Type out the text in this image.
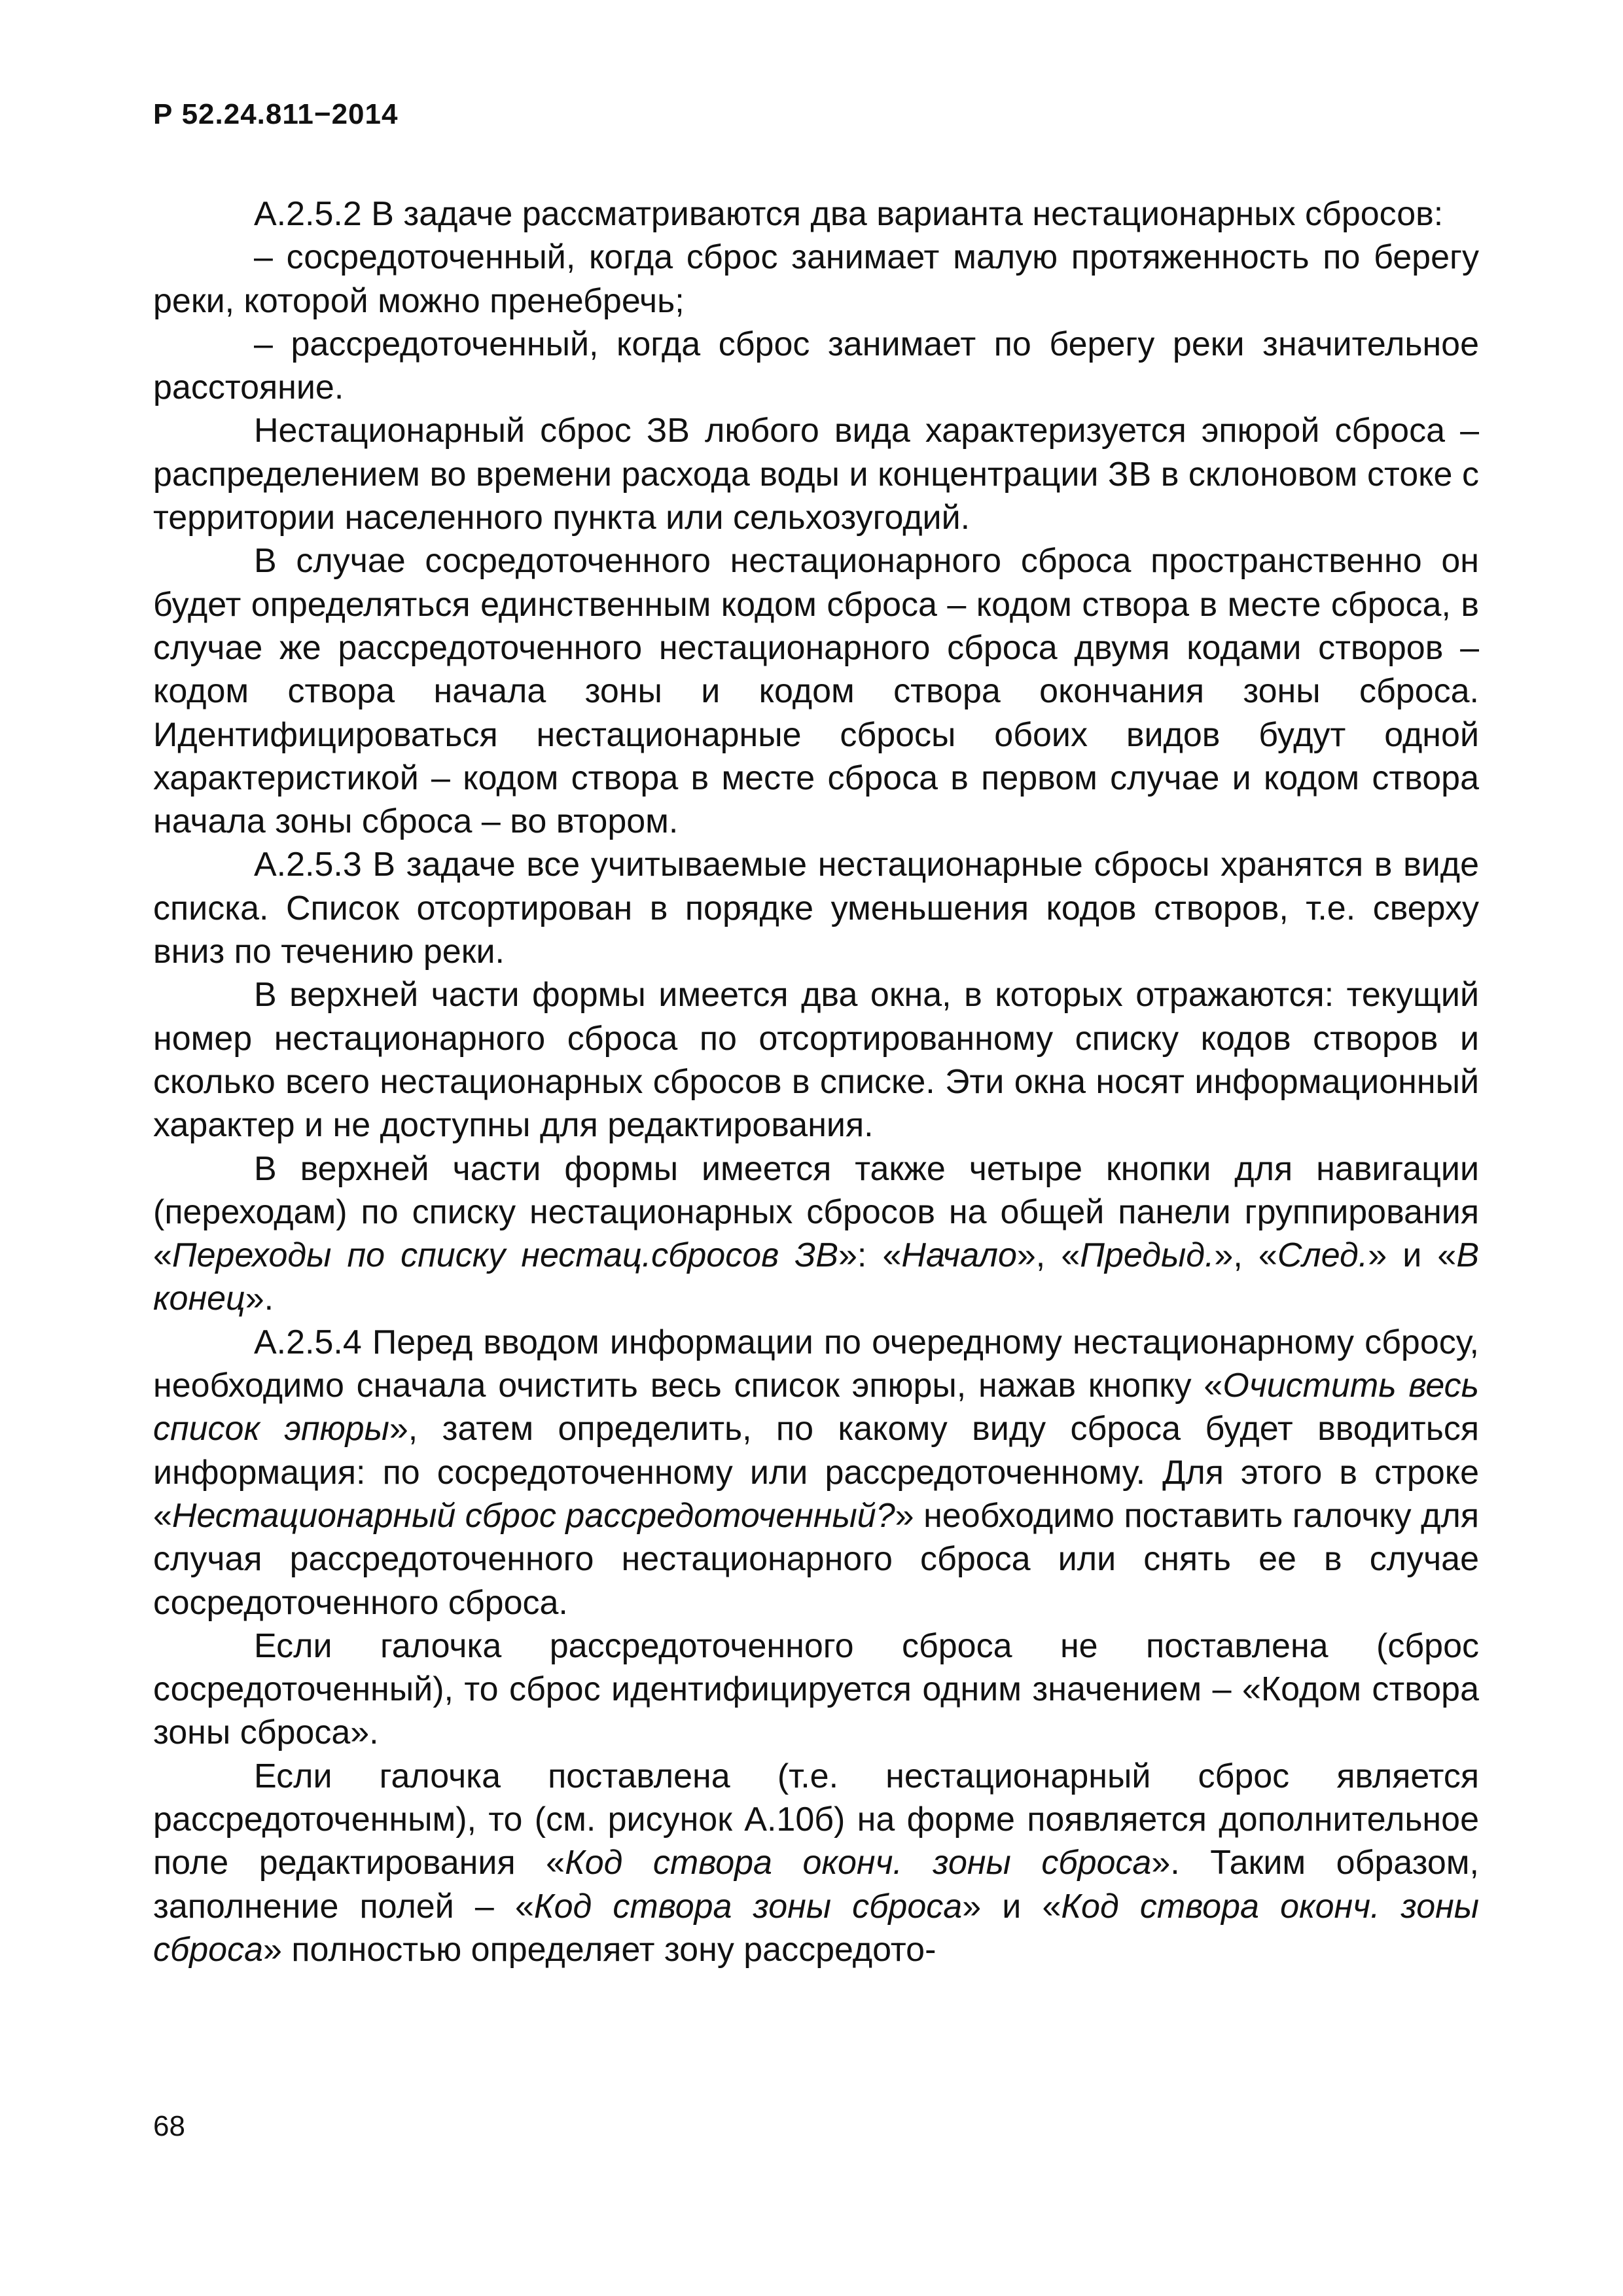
Р 52.24.811−2014

А.2.5.2 В задаче рассматриваются два варианта нестационарных сбросов:

– сосредоточенный, когда сброс занимает малую протяженность по берегу реки, которой можно пренебречь;

– рассредоточенный, когда сброс занимает по берегу реки значительное расстояние.

Нестационарный сброс ЗВ любого вида характеризуется эпюрой сброса – распределением во времени расхода воды и концентрации ЗВ в склоновом стоке с территории населенного пункта или сельхозугодий.

В случае сосредоточенного нестационарного сброса пространственно он будет определяться единственным кодом сброса – кодом створа в месте сброса, в случае же рассредоточенного нестационарного сброса двумя кодами створов – кодом створа начала зоны и кодом створа окончания зоны сброса. Идентифицироваться нестационарные сбросы обоих видов будут одной характеристикой – кодом створа в месте сброса в первом случае и кодом створа начала зоны сброса – во втором.

А.2.5.3 В задаче все учитываемые нестационарные сбросы хранятся в виде списка. Список отсортирован в порядке уменьшения кодов створов, т.е. сверху вниз по течению реки.

В верхней части формы имеется два окна, в которых отражаются: текущий номер нестационарного сброса по отсортированному списку кодов створов и сколько всего нестационарных сбросов в списке. Эти окна носят информационный характер и не доступны для редактирования.

В верхней части формы имеется также четыре кнопки для навигации (переходам) по списку нестационарных сбросов на общей панели группирования «Переходы по списку нестац.сбросов ЗВ»: «Начало», «Предыд.», «След.» и «В конец».

А.2.5.4 Перед вводом информации по очередному нестационарному сбросу, необходимо сначала очистить весь список эпюры, нажав кнопку «Очистить весь список эпюры», затем определить, по какому виду сброса будет вводиться информация: по сосредоточенному или рассредоточенному. Для этого в строке «Нестационарный сброс рассредоточенный?» необходимо поставить галочку для случая рассредоточенного нестационарного сброса или снять ее в случае сосредоточенного сброса.

Если галочка рассредоточенного сброса не поставлена (сброс сосредоточенный), то сброс идентифицируется одним значением – «Кодом створа зоны сброса».

Если галочка поставлена (т.е. нестационарный сброс является рассредоточенным), то (см. рисунок А.10б) на форме появляется дополнительное поле редактирования «Код створа оконч. зоны сброса». Таким образом, заполнение полей – «Код створа зоны сброса» и «Код створа оконч. зоны сброса» полностью определяет зону рассредото-

68
